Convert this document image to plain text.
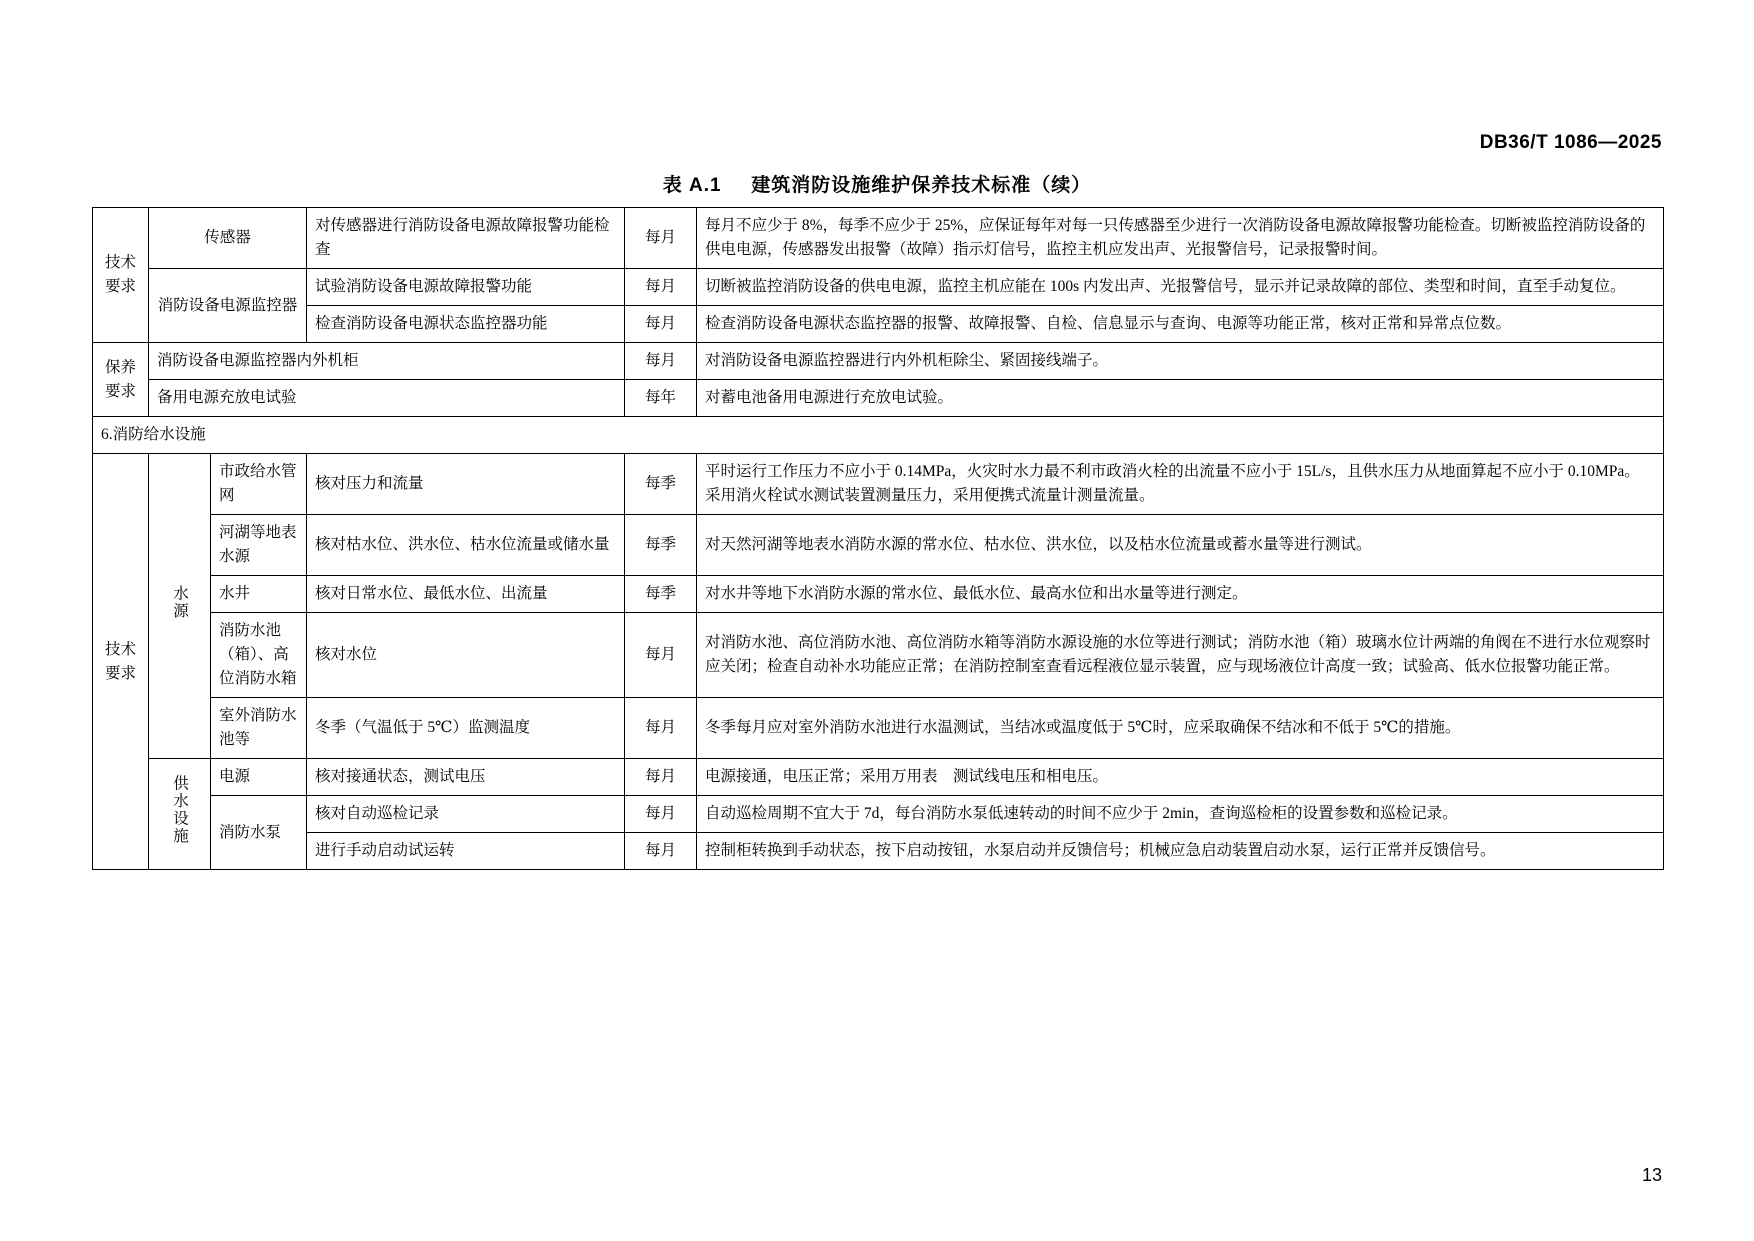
DB36/T 1086—2025
表 A.1 建筑消防设施维护保养技术标准（续）
技术要求	传感器		对传感器进行消防设备电源故障报警功能检查	每月	每月不应少于 8%，每季不应少于 25%，应保证每年对每一只传感器至少进行一次消防设备电源故障报警功能检查。切断被监控消防设备的供电电源，传感器发出报警（故障）指示灯信号，监控主机应发出声、光报警信号，记录报警时间。
	消防设备电源监控器		试验消防设备电源故障报警功能	每月	切断被监控消防设备的供电电源，监控主机应能在 100s 内发出声、光报警信号，显示并记录故障的部位、类型和时间，直至手动复位。
			检查消防设备电源状态监控器功能	每月	检查消防设备电源状态监控器的报警、故障报警、自检、信息显示与查询、电源等功能正常，核对正常和异常点位数。
保养要求	消防设备电源监控器内外机柜			每月	对消防设备电源监控器进行内外机柜除尘、紧固接线端子。
	备用电源充放电试验			每年	对蓄电池备用电源进行充放电试验。
6.消防给水设施					
技术要求	水源	市政给水管网	核对压力和流量	每季	平时运行工作压力不应小于 0.14MPa，火灾时水力最不利市政消火栓的出流量不应小于 15L/s，且供水压力从地面算起不应小于 0.10MPa。采用消火栓试水测试装置测量压力，采用便携式流量计测量流量。
		河湖等地表水源	核对枯水位、洪水位、枯水位流量或储水量	每季	对天然河湖等地表水消防水源的常水位、枯水位、洪水位，以及枯水位流量或蓄水量等进行测试。
		水井	核对日常水位、最低水位、出流量	每季	对水井等地下水消防水源的常水位、最低水位、最高水位和出水量等进行测定。
		消防水池（箱）、高位消防水箱	核对水位	每月	对消防水池、高位消防水池、高位消防水箱等消防水源设施的水位等进行测试；消防水池（箱）玻璃水位计两端的角阀在不进行水位观察时应关闭；检查自动补水功能应正常；在消防控制室查看远程液位显示装置，应与现场液位计高度一致；试验高、低水位报警功能正常。
		室外消防水池等	冬季（气温低于 5℃）监测温度	每月	冬季每月应对室外消防水池进行水温测试，当结冰或温度低于 5℃时，应采取确保不结冰和不低于 5℃的措施。
	供水设施	电源	核对接通状态，测试电压	每月	电源接通，电压正常；采用万用表　测试线电压和相电压。
		消防水泵	核对自动巡检记录	每月	自动巡检周期不宜大于 7d，每台消防水泵低速转动的时间不应少于 2min，查询巡检柜的设置参数和巡检记录。
			进行手动启动试运转	每月	控制柜转换到手动状态，按下启动按钮，水泵启动并反馈信号；机械应急启动装置启动水泵，运行正常并反馈信号。
13
